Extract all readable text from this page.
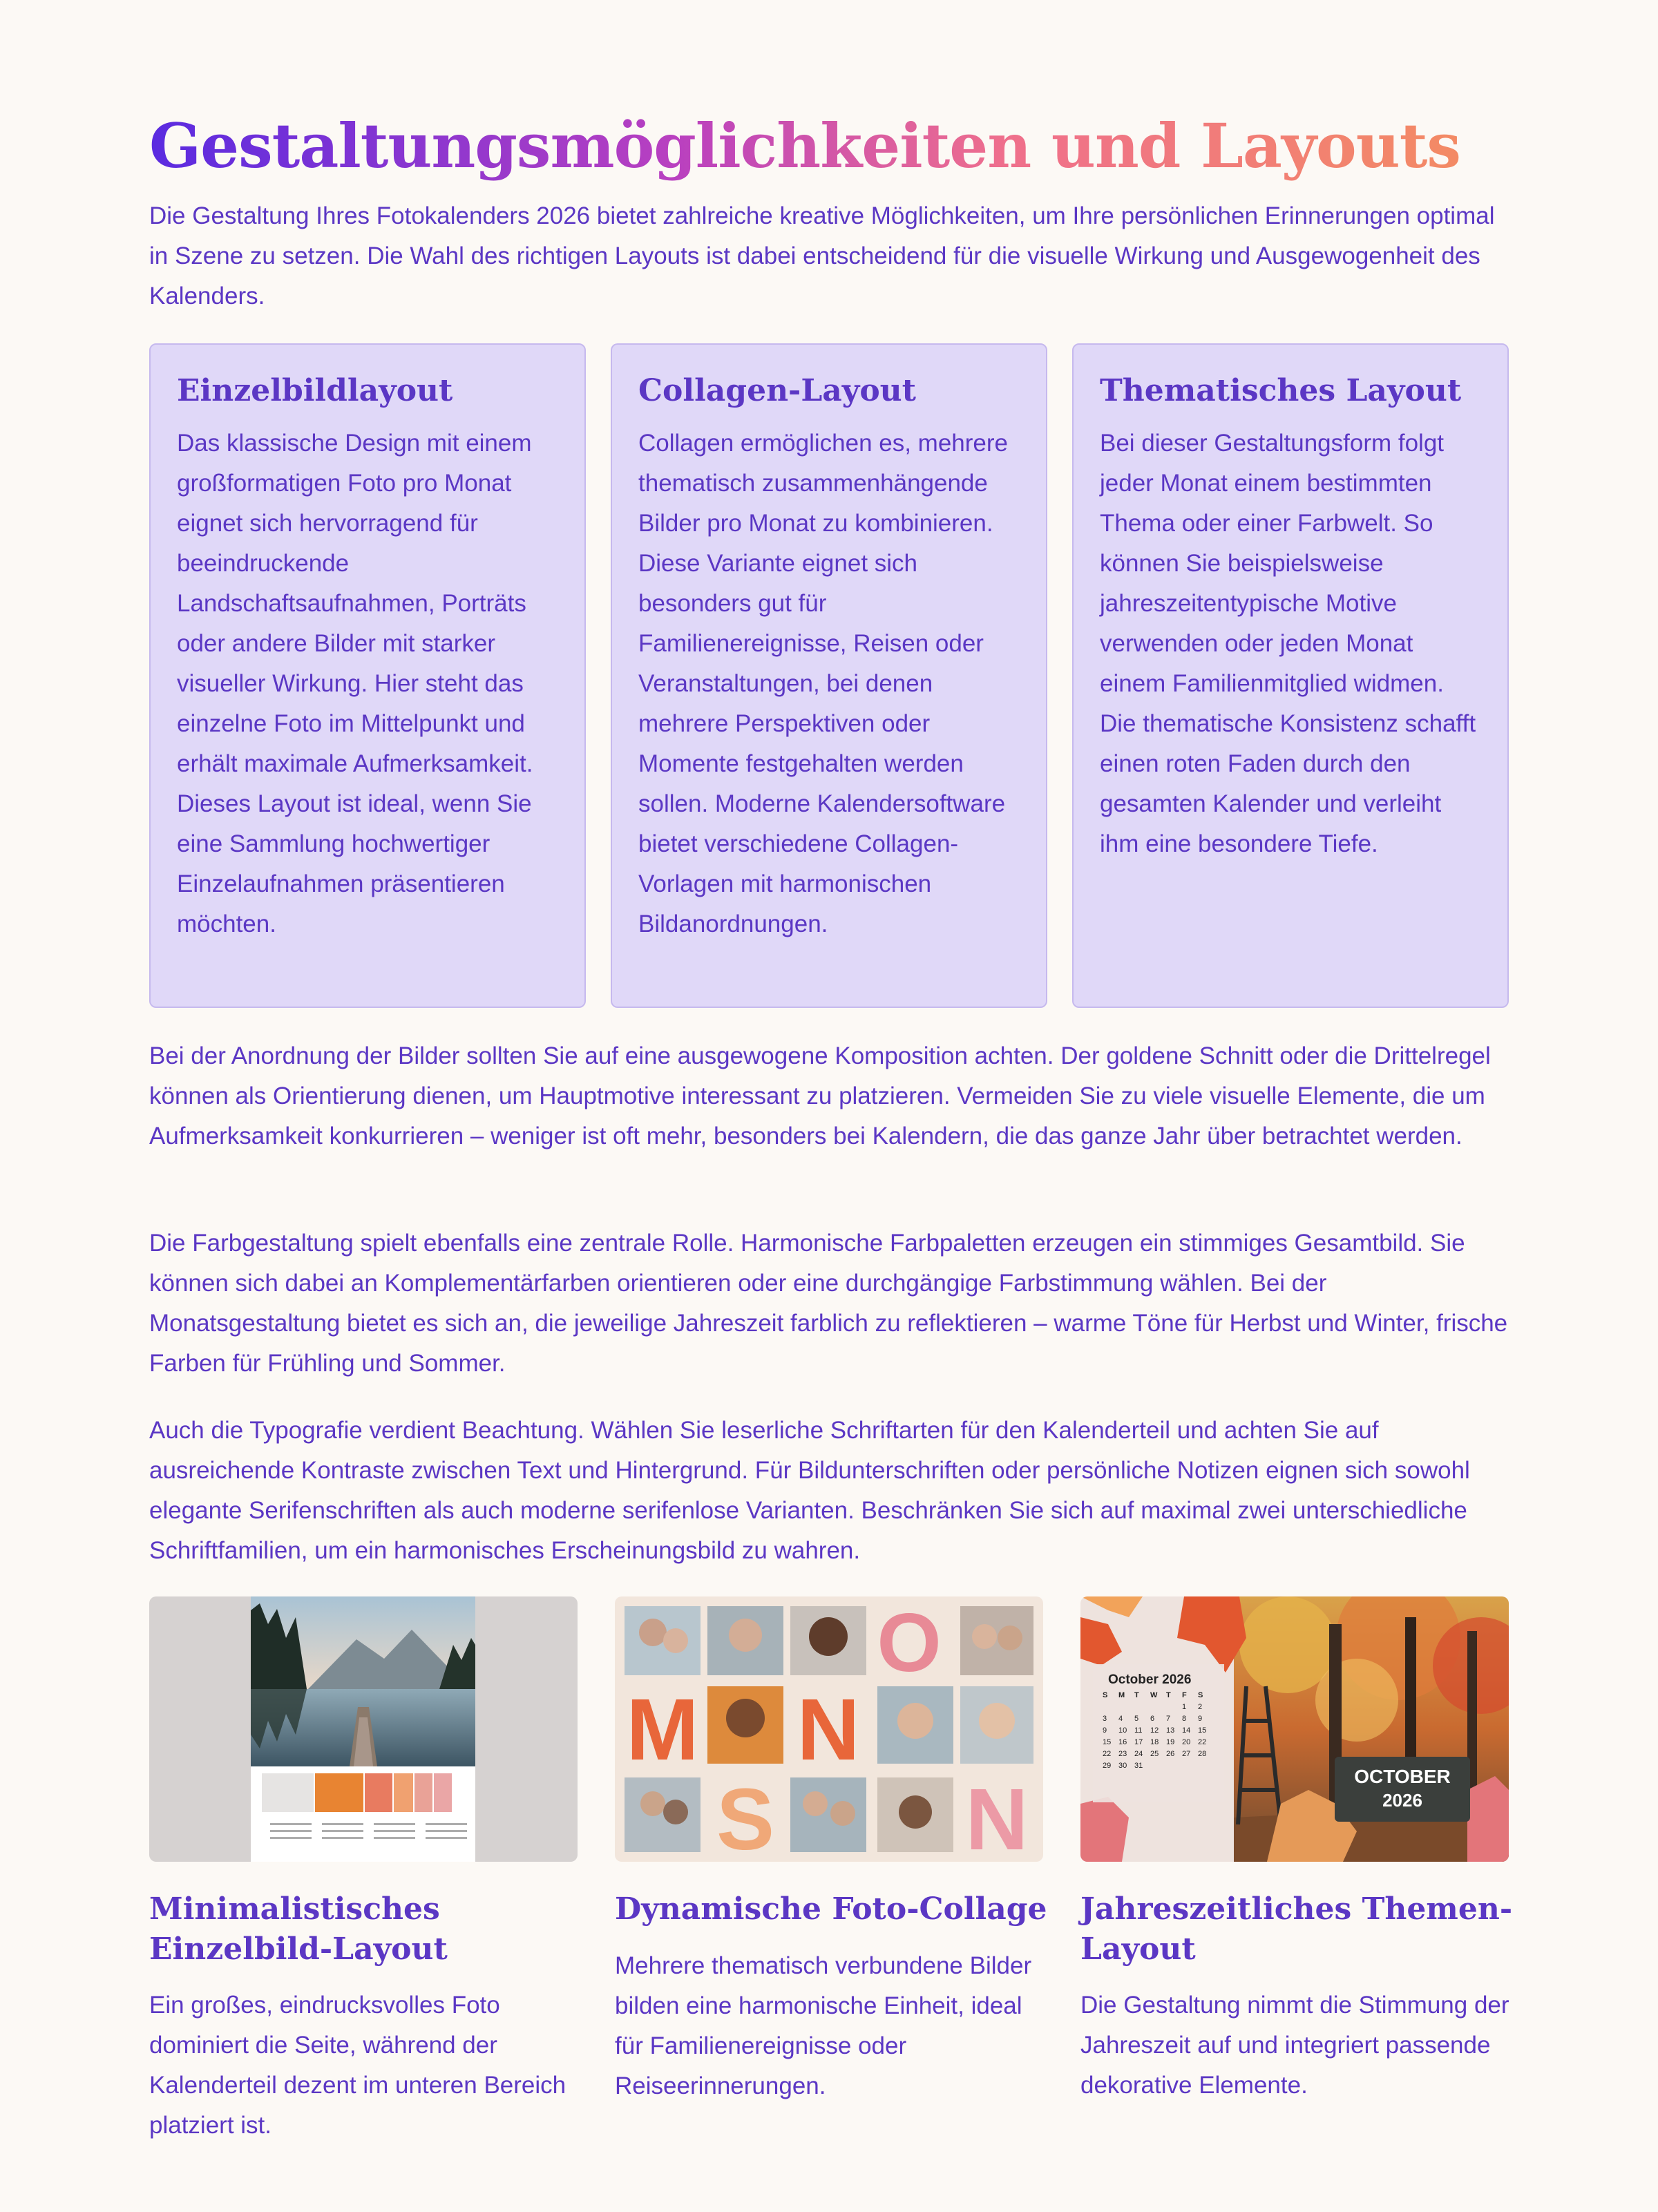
Gestaltungsmöglichkeiten und Layouts

Die Gestaltung Ihres Fotokalenders 2026 bietet zahlreiche kreative Möglichkeiten, um Ihre persönlichen Erinnerungen optimal in Szene zu setzen. Die Wahl des richtigen Layouts ist dabei entscheidend für die visuelle Wirkung und Ausgewogenheit des Kalenders.

Einzelbildlayout

Das klassische Design mit einem großformatigen Foto pro Monat eignet sich hervorragend für beeindruckende Landschaftsaufnahmen, Porträts oder andere Bilder mit starker visueller Wirkung. Hier steht das einzelne Foto im Mittelpunkt und erhält maximale Aufmerksamkeit. Dieses Layout ist ideal, wenn Sie eine Sammlung hochwertiger Einzelaufnahmen präsentieren möchten.

Collagen-Layout

Collagen ermöglichen es, mehrere thematisch zusammenhängende Bilder pro Monat zu kombinieren. Diese Variante eignet sich besonders gut für Familienereignisse, Reisen oder Veranstaltungen, bei denen mehrere Perspektiven oder Momente festgehalten werden sollen. Moderne Kalendersoftware bietet verschiedene Collagen-Vorlagen mit harmonischen Bildanordnungen.

Thematisches Layout

Bei dieser Gestaltungsform folgt jeder Monat einem bestimmten Thema oder einer Farbwelt. So können Sie beispielsweise jahreszeitentypische Motive verwenden oder jeden Monat einem Familienmitglied widmen. Die thematische Konsistenz schafft einen roten Faden durch den gesamten Kalender und verleiht ihm eine besondere Tiefe.

Bei der Anordnung der Bilder sollten Sie auf eine ausgewogene Komposition achten. Der goldene Schnitt oder die Drittelregel können als Orientierung dienen, um Hauptmotive interessant zu platzieren. Vermeiden Sie zu viele visuelle Elemente, die um Aufmerksamkeit konkurrieren – weniger ist oft mehr, besonders bei Kalendern, die das ganze Jahr über betrachtet werden.

Die Farbgestaltung spielt ebenfalls eine zentrale Rolle. Harmonische Farbpaletten erzeugen ein stimmiges Gesamtbild. Sie können sich dabei an Komplementärfarben orientieren oder eine durchgängige Farbstimmung wählen. Bei der Monatsgestaltung bietet es sich an, die jeweilige Jahreszeit farblich zu reflektieren – warme Töne für Herbst und Winter, frische Farben für Frühling und Sommer.

Auch die Typografie verdient Beachtung. Wählen Sie leserliche Schriftarten für den Kalenderteil und achten Sie auf ausreichende Kontraste zwischen Text und Hintergrund. Für Bildunterschriften oder persönliche Notizen eignen sich sowohl elegante Serifenschriften als auch moderne serifenlose Varianten. Beschränken Sie sich auf maximal zwei unterschiedliche Schriftfamilien, um ein harmonisches Erscheinungsbild zu wahren.

O
M N
S N
October 2026
S M T W T F S
1 2
3 4 5 6 7 8 9
9 10 11 12 13 14 15
15 16 17 18 19 20 22
22 23 24 25 26 27 28
29 30 31	OCTOBER
2026
Minimalistisches Einzelbild-Layout

Ein großes, eindrucksvolles Foto dominiert die Seite, während der Kalenderteil dezent im unteren Bereich platziert ist.

Dynamische Foto-Collage

Mehrere thematisch verbundene Bilder bilden eine harmonische Einheit, ideal für Familienereignisse oder Reiseerinnerungen.

Jahreszeitliches Themen-Layout

Die Gestaltung nimmt die Stimmung der Jahreszeit auf und integriert passende dekorative Elemente.
